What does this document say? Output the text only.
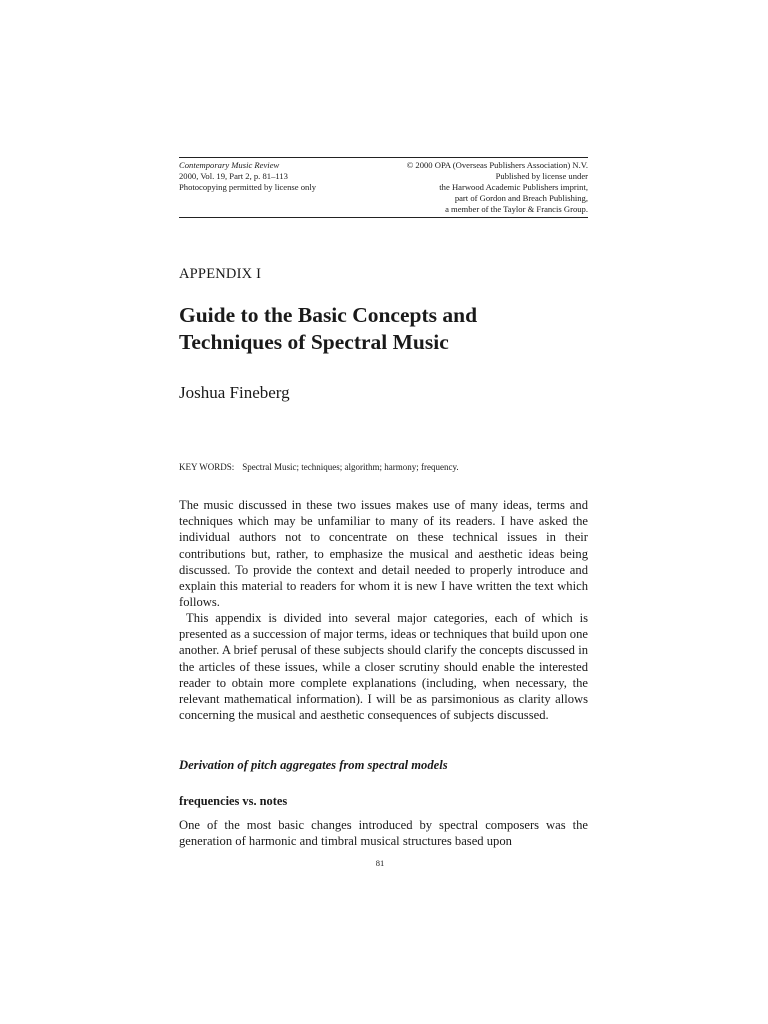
Contemporary Music Review
2000, Vol. 19, Part 2, p. 81–113
Photocopying permitted by license only
© 2000 OPA (Overseas Publishers Association) N.V.
Published by license under
the Harwood Academic Publishers imprint,
part of Gordon and Breach Publishing,
a member of the Taylor & Francis Group.
APPENDIX I
Guide to the Basic Concepts and
Techniques of Spectral Music
Joshua Fineberg
KEY WORDS: Spectral Music; techniques; algorithm; harmony; frequency.

The music discussed in these two issues makes use of many ideas, terms and techniques which may be unfamiliar to many of its readers. I have asked the individual authors not to concentrate on these technical issues in their contributions but, rather, to emphasize the musical and aesthetic ideas being discussed. To provide the context and detail needed to properly introduce and explain this material to readers for whom it is new I have written the text which follows.

This appendix is divided into several major categories, each of which is presented as a succession of major terms, ideas or techniques that build upon one another. A brief perusal of these subjects should clarify the concepts discussed in the articles of these issues, while a closer scrutiny should enable the interested reader to obtain more complete explanations (including, when necessary, the relevant mathematical information). I will be as parsimonious as clarity allows concerning the musical and aesthetic consequences of subjects discussed.

Derivation of pitch aggregates from spectral models
frequencies vs. notes

One of the most basic changes introduced by spectral composers was the generation of harmonic and timbral musical structures based upon

81
